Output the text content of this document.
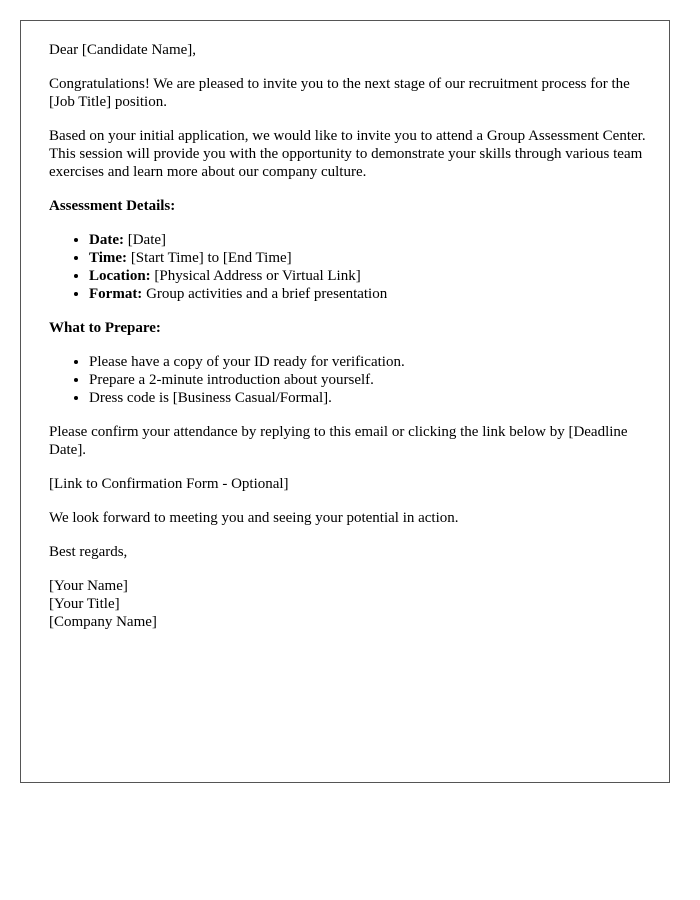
Dear [Candidate Name],

Congratulations! We are pleased to invite you to the next stage of our recruitment process for the [Job Title] position.

Based on your initial application, we would like to invite you to attend a Group Assessment Center. This session will provide you with the opportunity to demonstrate your skills through various team exercises and learn more about our company culture.

Assessment Details:

• Date: [Date]
• Time: [Start Time] to [End Time]
• Location: [Physical Address or Virtual Link]
• Format: Group activities and a brief presentation

What to Prepare:

• Please have a copy of your ID ready for verification.
• Prepare a 2-minute introduction about yourself.
• Dress code is [Business Casual/Formal].

Please confirm your attendance by replying to this email or clicking the link below by [Deadline Date].

[Link to Confirmation Form - Optional]

We look forward to meeting you and seeing your potential in action.

Best regards,

[Your Name]

[Your Title]

[Company Name]
